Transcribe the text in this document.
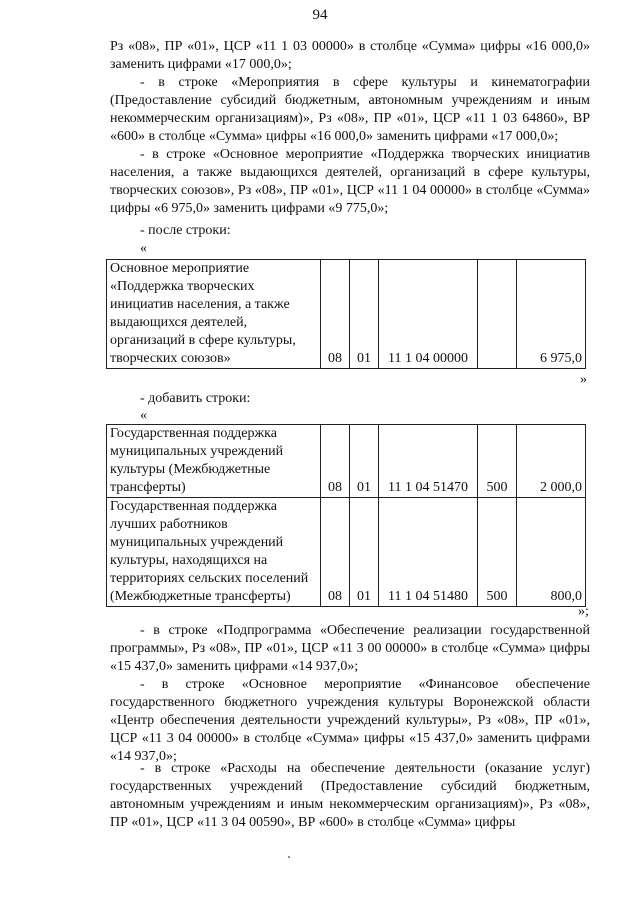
94
Рз «08», ПР «01», ЦСР «11 1 03 00000» в столбце «Сумма» цифры «16 000,0» заменить цифрами «17 000,0»;
- в строке «Мероприятия в сфере культуры и кинематографии (Предоставление субсидий бюджетным, автономным учреждениям и иным некоммерческим организациям)», Рз «08», ПР «01», ЦСР «11 1 03 64860», ВР «600» в столбце «Сумма» цифры «16 000,0» заменить цифрами «17 000,0»;
- в строке «Основное мероприятие «Поддержка творческих инициатив населения, а также выдающихся деятелей, организаций в сфере культуры, творческих союзов», Рз «08», ПР «01», ЦСР «11 1 04 00000» в столбце «Сумма» цифры «6 975,0» заменить цифрами «9 775,0»;
- после строки:
«
Основное мероприятие «Поддержка творческих инициатив населения, а также выдающихся деятелей, организаций в сфере культуры, творческих союзов»	08	01	11 1 04 00000		6 975,0
»
- добавить строки:
«
Государственная поддержка муниципальных учреждений культуры (Межбюджетные трансферты)	08	01	11 1 04 51470	500	2 000,0
Государственная поддержка лучших работников муниципальных учреждений культуры, находящихся на территориях сельских поселений (Межбюджетные трансферты)	08	01	11 1 04 51480	500	800,0
»;
- в строке «Подпрограмма «Обеспечение реализации государственной программы», Рз «08», ПР «01», ЦСР «11 3 00 00000» в столбце «Сумма» цифры «15 437,0» заменить цифрами «14 937,0»;
- в строке «Основное мероприятие «Финансовое обеспечение государственного бюджетного учреждения культуры Воронежской области «Центр обеспечения деятельности учреждений культуры», Рз «08», ПР «01», ЦСР «11 3 04 00000» в столбце «Сумма» цифры «15 437,0» заменить цифрами «14 937,0»;
- в строке «Расходы на обеспечение деятельности (оказание услуг) государственных учреждений (Предоставление субсидий бюджетным, автономным учреждениям и иным некоммерческим организациям)», Рз «08», ПР «01», ЦСР «11 3 04 00590», ВР «600» в столбце «Сумма» цифры
